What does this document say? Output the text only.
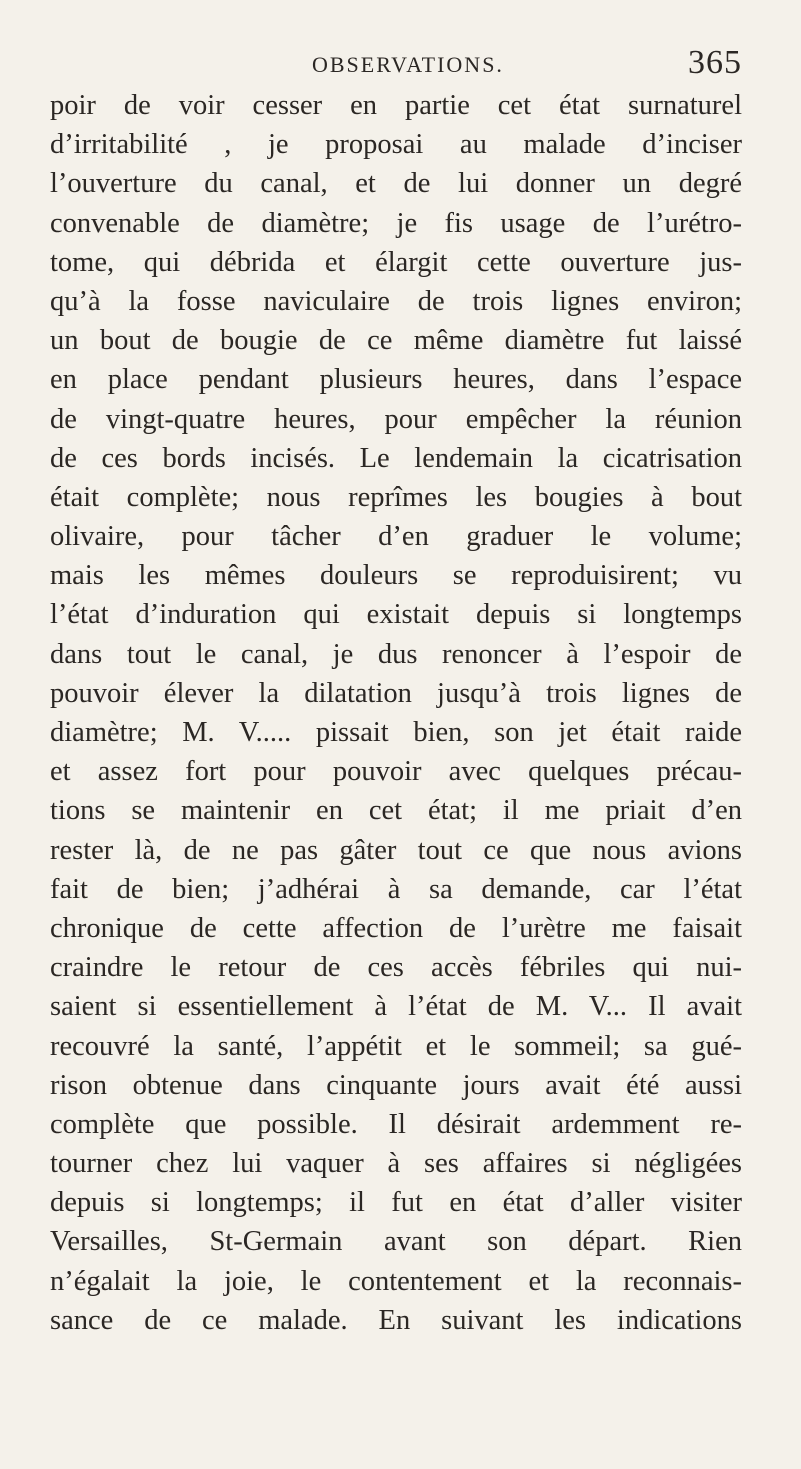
OBSERVATIONS.	365
poir de voir cesser en partie cet état surnaturel
d’irritabilité , je proposai au malade d’inciser
l’ouverture du canal, et de lui donner un degré
convenable de diamètre; je fis usage de l’urétro-
tome, qui débrida et élargit cette ouverture jus-
qu’à la fosse naviculaire de trois lignes environ;
un bout de bougie de ce même diamètre fut laissé
en place pendant plusieurs heures, dans l’espace
de vingt-quatre heures, pour empêcher la réunion
de ces bords incisés. Le lendemain la cicatrisation
était complète; nous reprîmes les bougies à bout
olivaire, pour tâcher d’en graduer le volume;
mais les mêmes douleurs se reproduisirent; vu
l’état d’induration qui existait depuis si longtemps
dans tout le canal, je dus renoncer à l’espoir de
pouvoir élever la dilatation jusqu’à trois lignes de
diamètre; M. V..... pissait bien, son jet était raide
et assez fort pour pouvoir avec quelques précau-
tions se maintenir en cet état; il me priait d’en
rester là, de ne pas gâter tout ce que nous avions
fait de bien; j’adhérai à sa demande, car l’état
chronique de cette affection de l’urètre me faisait
craindre le retour de ces accès fébriles qui nui-
saient si essentiellement à l’état de M. V... Il avait
recouvré la santé, l’appétit et le sommeil; sa gué-
rison obtenue dans cinquante jours avait été aussi
complète que possible. Il désirait ardemment re-
tourner chez lui vaquer à ses affaires si négligées
depuis si longtemps; il fut en état d’aller visiter
Versailles, St-Germain avant son départ. Rien
n’égalait la joie, le contentement et la reconnais-
sance de ce malade. En suivant les indications
